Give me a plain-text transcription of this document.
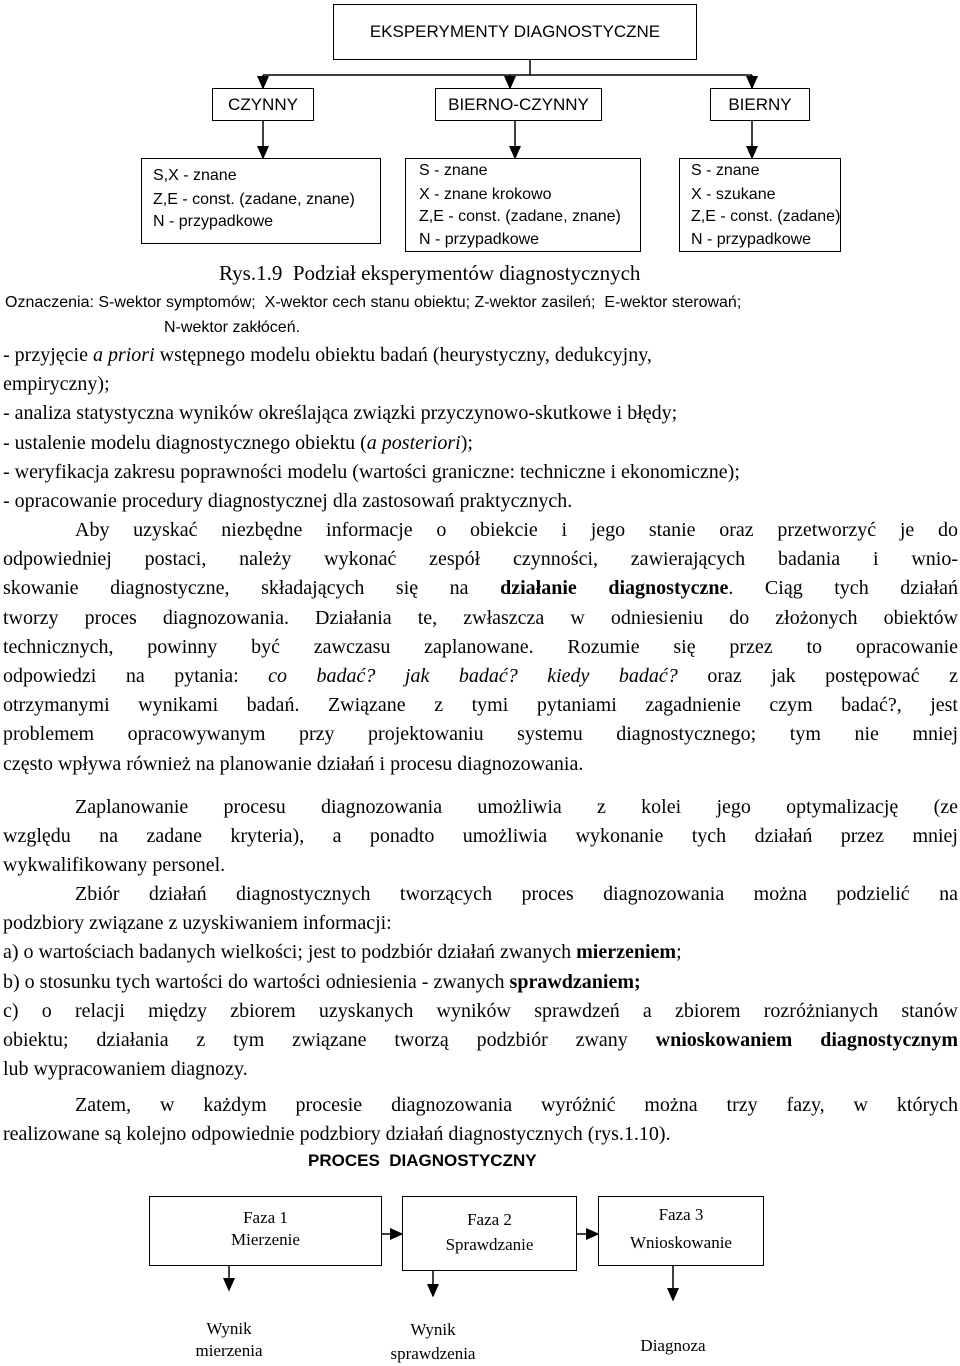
EKSPERYMENTY DIAGNOSTYCZNE
CZYNNY	BIERNO-CZYNNY	BIERNY
S,X - znane
Z,E - const. (zadane, znane)
N - przypadkowe
S - znane
X - znane krokowo
Z,E - const. (zadane, znane)
N - przypadkowe
S - znane
X - szukane
Z,E - const. (zadane)
N - przypadkowe
Rys.1.9  Podział eksperymentów diagnostycznych
Oznaczenia: S-wektor symptomów;  X-wektor cech stanu obiektu; Z-wektor zasileń;  E-wektor sterowań;
N-wektor zakłóceń.
- przyjęcie a priori wstępnego modelu obiektu badań (heurystyczny, dedukcyjny,
empiryczny);
- analiza statystyczna wyników określająca związki przyczynowo-skutkowe i błędy;
- ustalenie modelu diagnostycznego obiektu (a posteriori);
- weryfikacja zakresu poprawności modelu (wartości graniczne: techniczne i ekonomiczne);
- opracowanie procedury diagnostycznej dla zastosowań praktycznych.
Aby uzyskać niezbędne informacje o obiekcie i jego stanie oraz przetworzyć je do
odpowiedniej postaci, należy wykonać zespół czynności, zawierających badania i wnio-
skowanie diagnostyczne, składających się na działanie diagnostyczne. Ciąg tych działań
tworzy proces diagnozowania. Działania te, zwłaszcza w odniesieniu do złożonych obiektów
technicznych, powinny być zawczasu zaplanowane. Rozumie się przez to opracowanie
odpowiedzi na pytania: co badać? jak badać? kiedy badać? oraz jak postępować z
otrzymanymi wynikami badań. Związane z tymi pytaniami zagadnienie czym badać?, jest
problemem opracowywanym przy projektowaniu systemu diagnostycznego; tym nie mniej
często wpływa również na planowanie działań i procesu diagnozowania.
Zaplanowanie procesu diagnozowania umożliwia z kolei jego optymalizację (ze
względu na zadane kryteria), a ponadto umożliwia wykonanie tych działań przez mniej
wykwalifikowany personel.
Zbiór działań diagnostycznych tworzących proces diagnozowania można podzielić na
podzbiory związane z uzyskiwaniem informacji:
a) o wartościach badanych wielkości; jest to podzbiór działań zwanych mierzeniem;
b) o stosunku tych wartości do wartości odniesienia - zwanych sprawdzaniem;
c) o relacji między zbiorem uzyskanych wyników sprawdzeń a zbiorem rozróżnianych stanów
obiektu; działania z tym związane tworzą podzbiór zwany wnioskowaniem diagnostycznym
lub wypracowaniem diagnozy.
Zatem, w każdym procesie diagnozowania wyróżnić można trzy fazy, w których
realizowane są kolejno odpowiednie podzbiory działań diagnostycznych (rys.1.10).
PROCES  DIAGNOSTYCZNY
Faza 1
Mierzenie
Faza 2
Sprawdzanie
Faza 3
Wnioskowanie
Wynik
mierzenia
Wynik
sprawdzenia	Diagnoza
